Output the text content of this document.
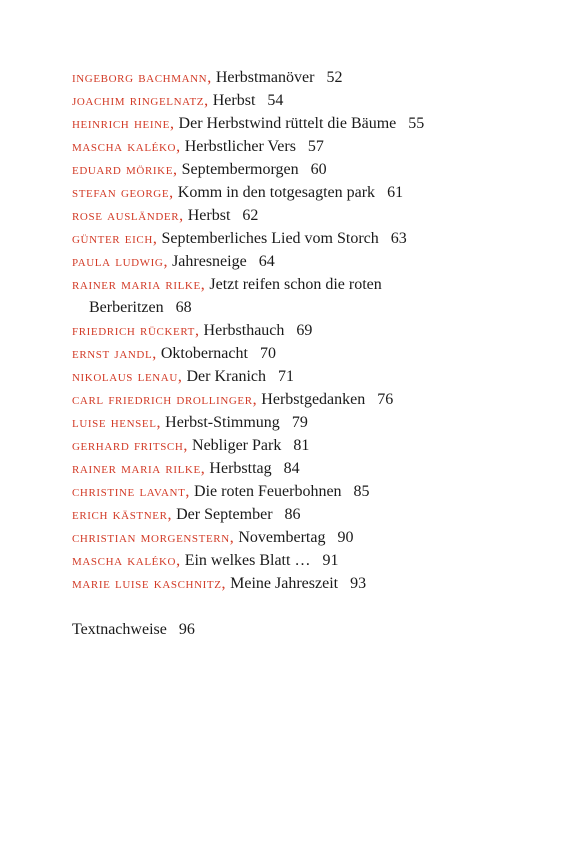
ingeborg bachmann, Herbstmanöver 52

joachim ringelnatz, Herbst 54

heinrich heine, Der Herbstwind rüttelt die Bäume 55

mascha kaléko, Herbstlicher Vers 57

eduard mörike, Septembermorgen 60

stefan george, Komm in den totgesagten park 61

rose ausländer, Herbst 62

günter eich, Septemberliches Lied vom Storch 63

paula ludwig, Jahresneige 64

rainer maria rilke, Jetzt reifen schon die roten
Berberitzen 68

friedrich rückert, Herbsthauch 69

ernst jandl, Oktobernacht 70

nikolaus lenau, Der Kranich 71

carl friedrich drollinger, Herbstgedanken 76

luise hensel, Herbst-Stimmung 79

gerhard fritsch, Nebliger Park 81

rainer maria rilke, Herbsttag 84

christine lavant, Die roten Feuerbohnen 85

erich kästner, Der September 86

christian morgenstern, Novembertag 90

mascha kaléko, Ein welkes Blatt … 91

marie luise kaschnitz, Meine Jahreszeit 93

Textnachweise 96
